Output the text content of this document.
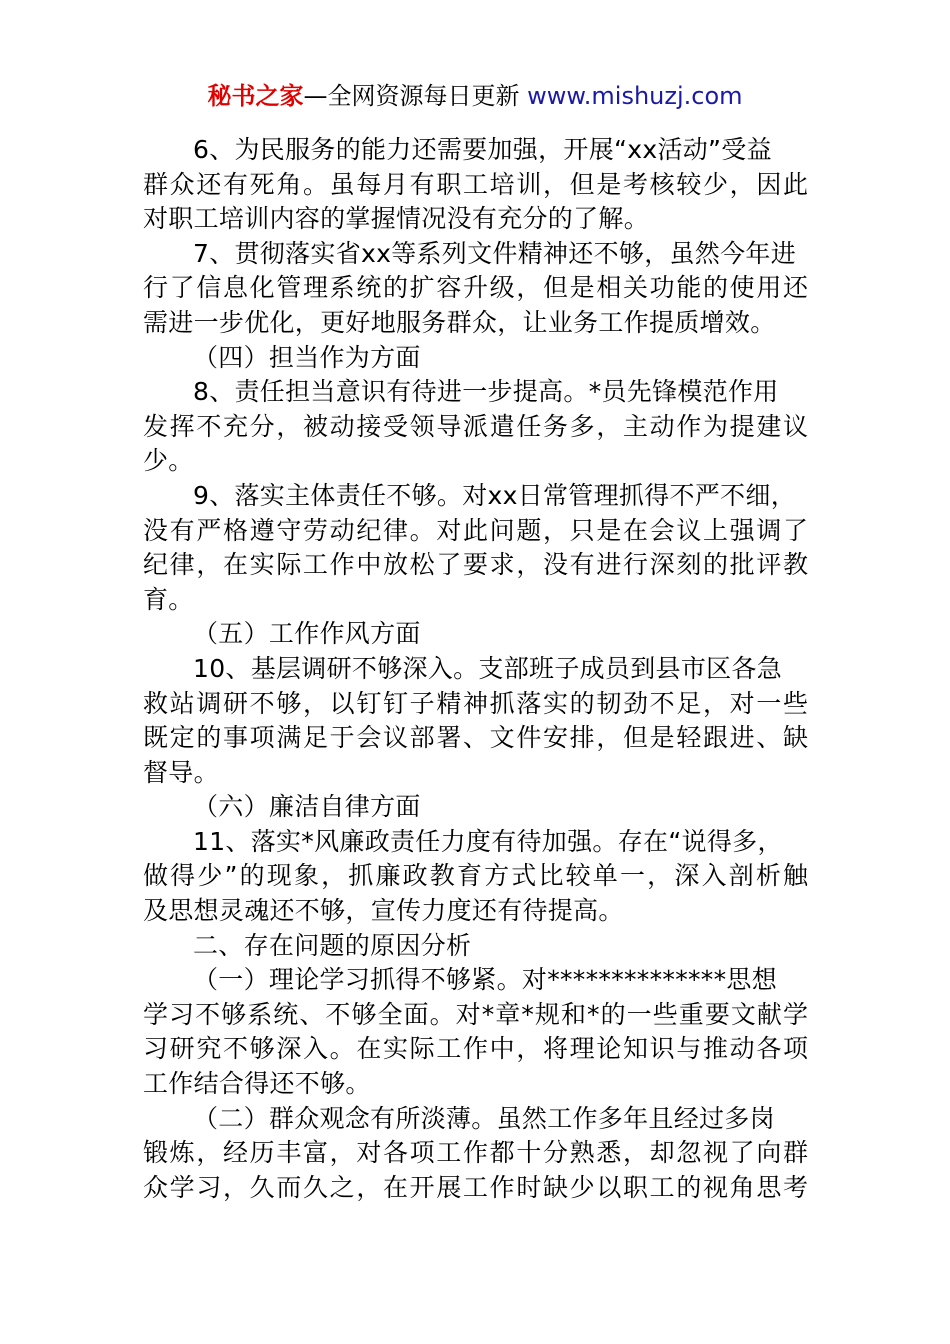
秘书之家—全网资源每日更新 www.mishuzj.com
6、为民服务的能力还需要加强，开展“xx活动”受益
群众还有死角。虽每月有职工培训，但是考核较少，因此
对职工培训内容的掌握情况没有充分的了解。
7、贯彻落实省xx等系列文件精神还不够，虽然今年进
行了信息化管理系统的扩容升级，但是相关功能的使用还
需进一步优化，更好地服务群众，让业务工作提质增效。
（四）担当作为方面
8、责任担当意识有待进一步提高。*员先锋模范作用
发挥不充分，被动接受领导派遣任务多，主动作为提建议
少。
9、落实主体责任不够。对xx日常管理抓得不严不细，
没有严格遵守劳动纪律。对此问题，只是在会议上强调了
纪律，在实际工作中放松了要求，没有进行深刻的批评教
育。
（五）工作作风方面
10、基层调研不够深入。支部班子成员到县市区各急
救站调研不够，以钉钉子精神抓落实的韧劲不足，对一些
既定的事项满足于会议部署、文件安排，但是轻跟进、缺
督导。
（六）廉洁自律方面
11、落实*风廉政责任力度有待加强。存在“说得多，
做得少”的现象，抓廉政教育方式比较单一，深入剖析触
及思想灵魂还不够，宣传力度还有待提高。
二、存在问题的原因分析
（一）理论学习抓得不够紧。对**************思想
学习不够系统、不够全面。对*章*规和*的一些重要文献学
习研究不够深入。在实际工作中，将理论知识与推动各项
工作结合得还不够。
（二）群众观念有所淡薄。虽然工作多年且经过多岗
锻炼，经历丰富，对各项工作都十分熟悉，却忽视了向群
众学习，久而久之，在开展工作时缺少以职工的视角思考
